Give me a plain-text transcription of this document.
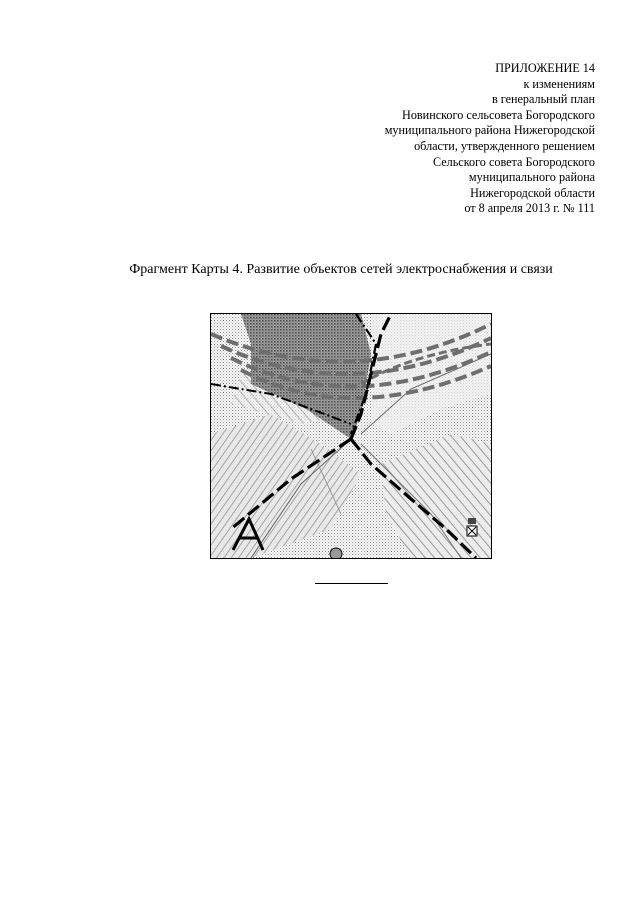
ПРИЛОЖЕНИЕ 14
к изменениям
в генеральный план
Новинского сельсовета Богородского
муниципального района Нижегородской
области, утвержденного решением
Сельского совета Богородского
муниципального района
Нижегородской области
от 8 апреля 2013 г. № 111
Фрагмент Карты 4. Развитие объектов сетей электроснабжения и связи
